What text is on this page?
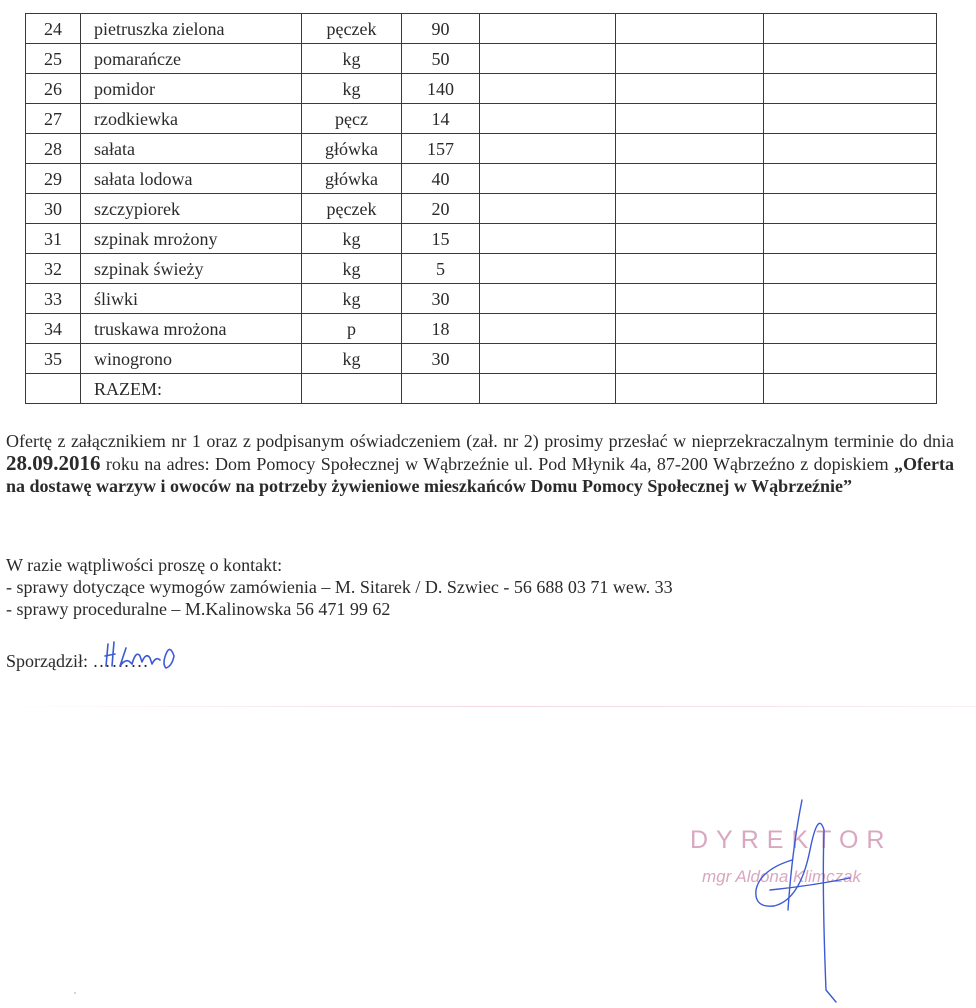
24	pietruszka zielona	pęczek	90			
25	pomarańcze	kg	50			
26	pomidor	kg	140			
27	rzodkiewka	pęcz	14			
28	sałata	główka	157			
29	sałata lodowa	główka	40			
30	szczypiorek	pęczek	20			
31	szpinak mrożony	kg	15			
32	szpinak świeży	kg	5			
33	śliwki	kg	30			
34	truskawa mrożona	p	18			
35	winogrono	kg	30			
	RAZEM:					

Ofertę z załącznikiem nr 1 oraz z podpisanym oświadczeniem (zał. nr 2) prosimy przesłać w nieprzekraczalnym terminie do dnia 28.09.2016 roku na adres: Dom Pomocy Społecznej w Wąbrzeźnie ul. Pod Młynik 4a, 87-200 Wąbrzeźno z dopiskiem „Oferta na dostawę warzyw i owoców na potrzeby żywieniowe mieszkańców Domu Pomocy Społecznej w Wąbrzeźnie”

W razie wątpliwości proszę o kontakt:
- sprawy dotyczące wymogów zamówienia – M. Sitarek / D. Szwiec - 56 688 03 71 wew. 33
- sprawy proceduralne – M.Kalinowska 56 471 99 62
Sporządził: ………
DYREKTOR
mgr Aldona Klimczak
